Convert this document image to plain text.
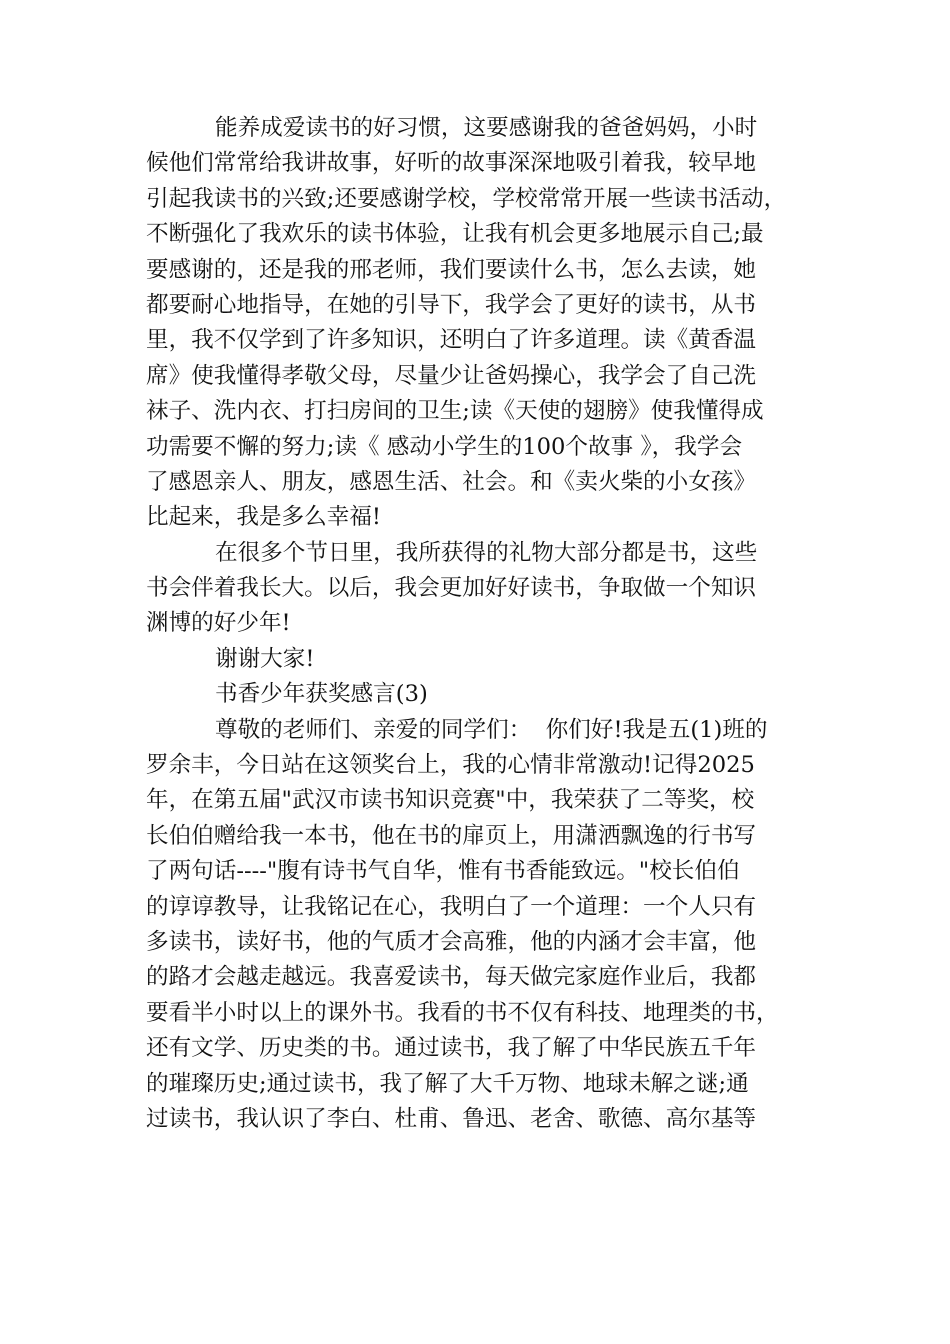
能养成爱读书的好习惯，这要感谢我的爸爸妈妈，小时
候他们常常给我讲故事，好听的故事深深地吸引着我，较早地
引起我读书的兴致;还要感谢学校，学校常常开展一些读书活动，
不断强化了我欢乐的读书体验，让我有机会更多地展示自己;最
要感谢的，还是我的邢老师，我们要读什么书，怎么去读，她
都要耐心地指导，在她的引导下，我学会了更好的读书，从书
里，我不仅学到了许多知识，还明白了许多道理。读《黄香温
席》使我懂得孝敬父母，尽量少让爸妈操心，我学会了自己洗
袜子、洗内衣、打扫房间的卫生;读《天使的翅膀》使我懂得成
功需要不懈的努力;读《 感动小学生的100个故事 》，我学会
了感恩亲人、朋友，感恩生活、社会。和《卖火柴的小女孩》
比起来，我是多么幸福!
在很多个节日里，我所获得的礼物大部分都是书，这些
书会伴着我长大。以后，我会更加好好读书，争取做一个知识
渊博的好少年!
谢谢大家!
书香少年获奖感言(3)
尊敬的老师们、亲爱的同学们：  你们好!我是五(1)班的
罗余丰，今日站在这领奖台上，我的心情非常激动!记得2025
年，在第五届"武汉市读书知识竞赛"中，我荣获了二等奖，校
长伯伯赠给我一本书，他在书的扉页上，用潇洒飘逸的行书写
了两句话----"腹有诗书气自华，惟有书香能致远。"校长伯伯
的谆谆教导，让我铭记在心，我明白了一个道理：一个人只有
多读书，读好书，他的气质才会高雅，他的内涵才会丰富，他
的路才会越走越远。我喜爱读书，每天做完家庭作业后，我都
要看半小时以上的课外书。我看的书不仅有科技、地理类的书，
还有文学、历史类的书。通过读书，我了解了中华民族五千年
的璀璨历史;通过读书，我了解了大千万物、地球未解之谜;通
过读书，我认识了李白、杜甫、鲁迅、老舍、歌德、高尔基等
